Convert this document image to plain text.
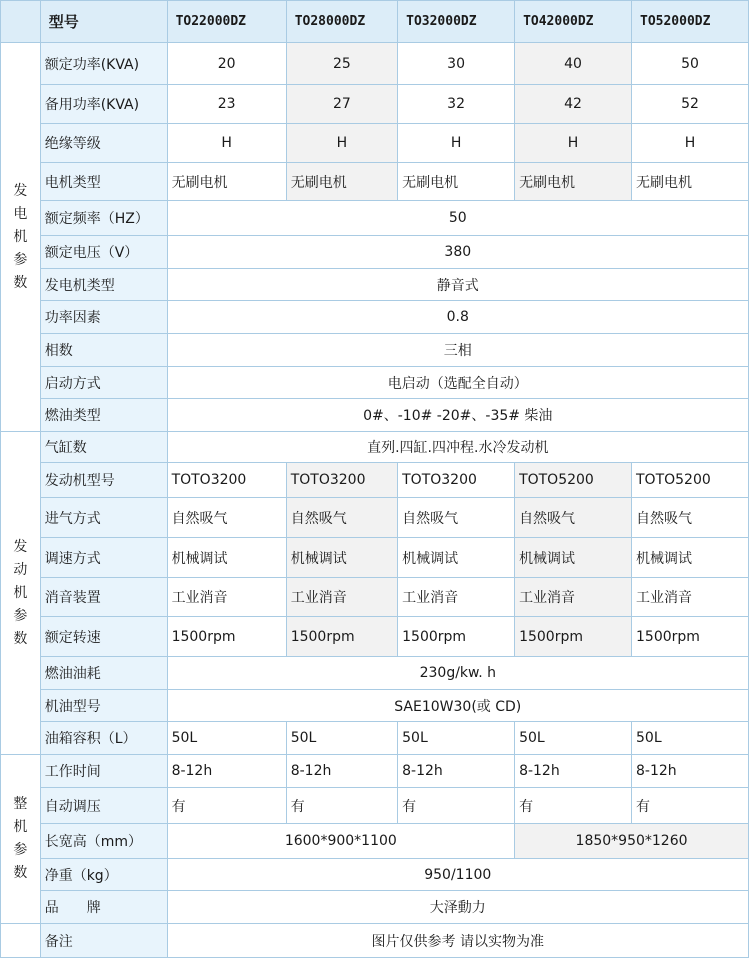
	型号	TO22000DZ	TO28000DZ	TO32000DZ	TO42000DZ	TO52000DZ

发
电
机
参
数	额定功率(KVA)	20	25	30	40	50
	备用功率(KVA)	23	27	32	42	52
	绝缘等级	H	H	H	H	H
	电机类型	无刷电机	无刷电机	无刷电机	无刷电机	无刷电机
	额定频率（HZ）	50				
	额定电压（V）	380				
	发电机类型	静音式				
	功率因素	0.8				
	相数	三相				
	启动方式	电启动（选配全自动）				
	燃油类型	0#、-10# -20#、-35# 柴油				

发
动
机
参
数	气缸数	直列.四缸.四冲程.水冷发动机				
	发动机型号	TOTO3200	TOTO3200	TOTO3200	TOTO5200	TOTO5200
	进气方式	自然吸气	自然吸气	自然吸气	自然吸气	自然吸气
	调速方式	机械调试	机械调试	机械调试	机械调试	机械调试
	消音装置	工业消音	工业消音	工业消音	工业消音	工业消音
	额定转速	1500rpm	1500rpm	1500rpm	1500rpm	1500rpm
	燃油油耗	230g/kw. h				
	机油型号	SAE10W30(或 CD)				
	油箱容积（L）	50L	50L	50L	50L	50L

整
机
参
数	工作时间	8-12h	8-12h	8-12h	8-12h	8-12h
	自动调压	有	有	有	有	有
	长宽高（mm）	1600*900*1100			1850*950*1260	
	净重（kg）	950/1100				
	品　　牌	大泽動力				
	备注	图片仅供参考 请以实物为准				
